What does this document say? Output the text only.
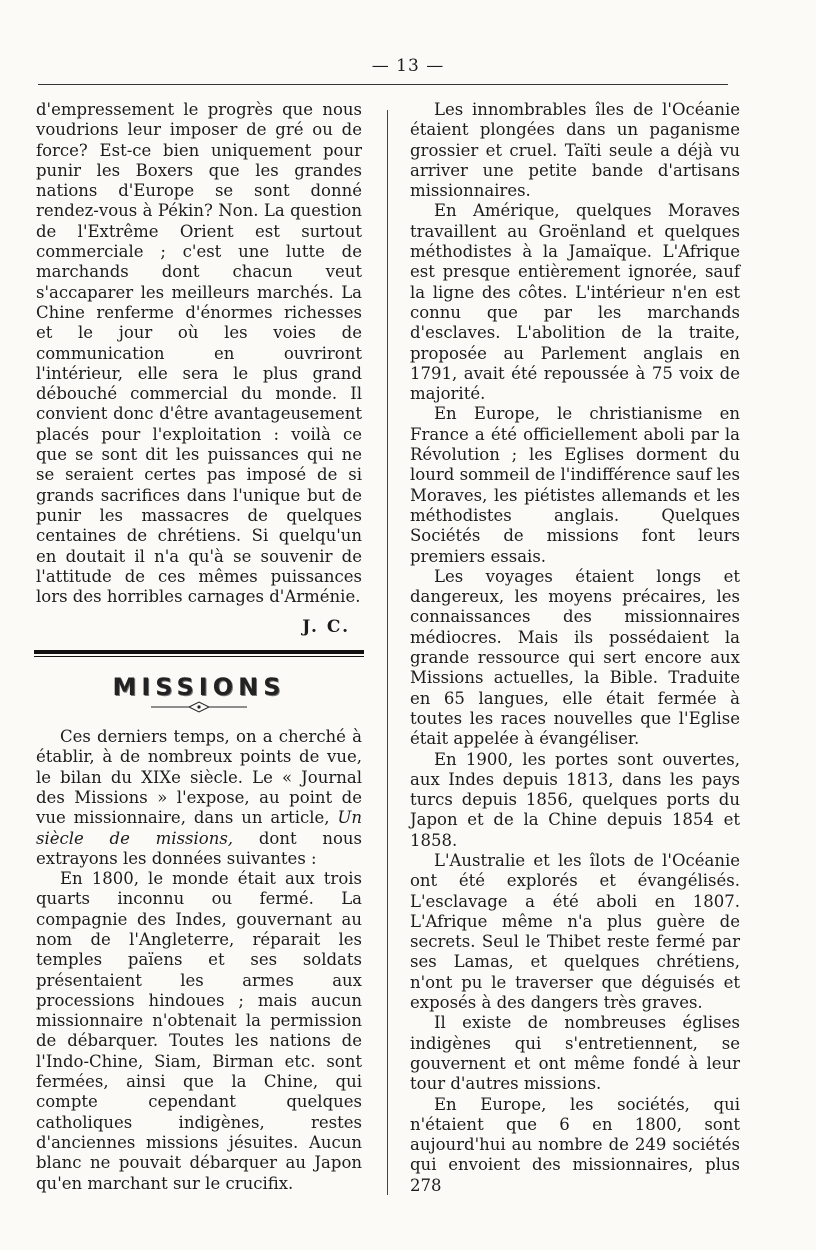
— 13 —

d'empressement le progrès que nous voudrions leur imposer de gré ou de force? Est-ce bien uniquement pour punir les Boxers que les grandes nations d'Europe se sont donné rendez-vous à Pékin? Non. La question de l'Extrême Orient est surtout commerciale ; c'est une lutte de marchands dont chacun veut s'accaparer les meilleurs marchés. La Chine renferme d'énormes richesses et le jour où les voies de communication en ouvriront l'intérieur, elle sera le plus grand débouché commercial du monde. Il convient donc d'être avantageusement placés pour l'exploitation : voilà ce que se sont dit les puissances qui ne se seraient certes pas imposé de si grands sacrifices dans l'unique but de punir les massacres de quelques centaines de chrétiens. Si quelqu'un en doutait il n'a qu'à se souvenir de l'attitude de ces mêmes puissances lors des horribles carnages d'Arménie.

J. C.
MISSIONS

Ces derniers temps, on a cherché à établir, à de nombreux points de vue, le bilan du XIXe siècle. Le « Journal des Missions » l'expose, au point de vue missionnaire, dans un article, Un siècle de missions, dont nous extrayons les données suivantes :

En 1800, le monde était aux trois quarts inconnu ou fermé. La compagnie des Indes, gouvernant au nom de l'Angleterre, réparait les temples païens et ses soldats présentaient les armes aux processions hindoues ; mais aucun missionnaire n'obtenait la permission de débarquer. Toutes les nations de l'Indo-Chine, Siam, Birman etc. sont fermées, ainsi que la Chine, qui compte cependant quelques catholiques indigènes, restes d'anciennes missions jésuites. Aucun blanc ne pouvait débarquer au Japon qu'en marchant sur le crucifix.

Les innombrables îles de l'Océanie étaient plongées dans un paganisme grossier et cruel. Taïti seule a déjà vu arriver une petite bande d'artisans missionnaires.

En Amérique, quelques Moraves travaillent au Groënland et quelques méthodistes à la Jamaïque. L'Afrique est presque entièrement ignorée, sauf la ligne des côtes. L'intérieur n'en est connu que par les marchands d'esclaves. L'abolition de la traite, proposée au Parlement anglais en 1791, avait été repoussée à 75 voix de majorité.

En Europe, le christianisme en France a été officiellement aboli par la Révolution ; les Eglises dorment du lourd sommeil de l'indifférence sauf les Moraves, les piétistes allemands et les méthodistes anglais. Quelques Sociétés de missions font leurs premiers essais.

Les voyages étaient longs et dangereux, les moyens précaires, les connaissances des missionnaires médiocres. Mais ils possédaient la grande ressource qui sert encore aux Missions actuelles, la Bible. Traduite en 65 langues, elle était fermée à toutes les races nouvelles que l'Eglise était appelée à évangéliser.

En 1900, les portes sont ouvertes, aux Indes depuis 1813, dans les pays turcs depuis 1856, quelques ports du Japon et de la Chine depuis 1854 et 1858.

L'Australie et les îlots de l'Océanie ont été explorés et évangélisés. L'esclavage a été aboli en 1807. L'Afrique même n'a plus guère de secrets. Seul le Thibet reste fermé par ses Lamas, et quelques chrétiens, n'ont pu le traverser que déguisés et exposés à des dangers très graves.

Il existe de nombreuses églises indigènes qui s'entretiennent, se gouvernent et ont même fondé à leur tour d'autres missions.

En Europe, les sociétés, qui n'étaient que 6 en 1800, sont aujourd'hui au nombre de 249 sociétés qui envoient des missionnaires, plus 278
